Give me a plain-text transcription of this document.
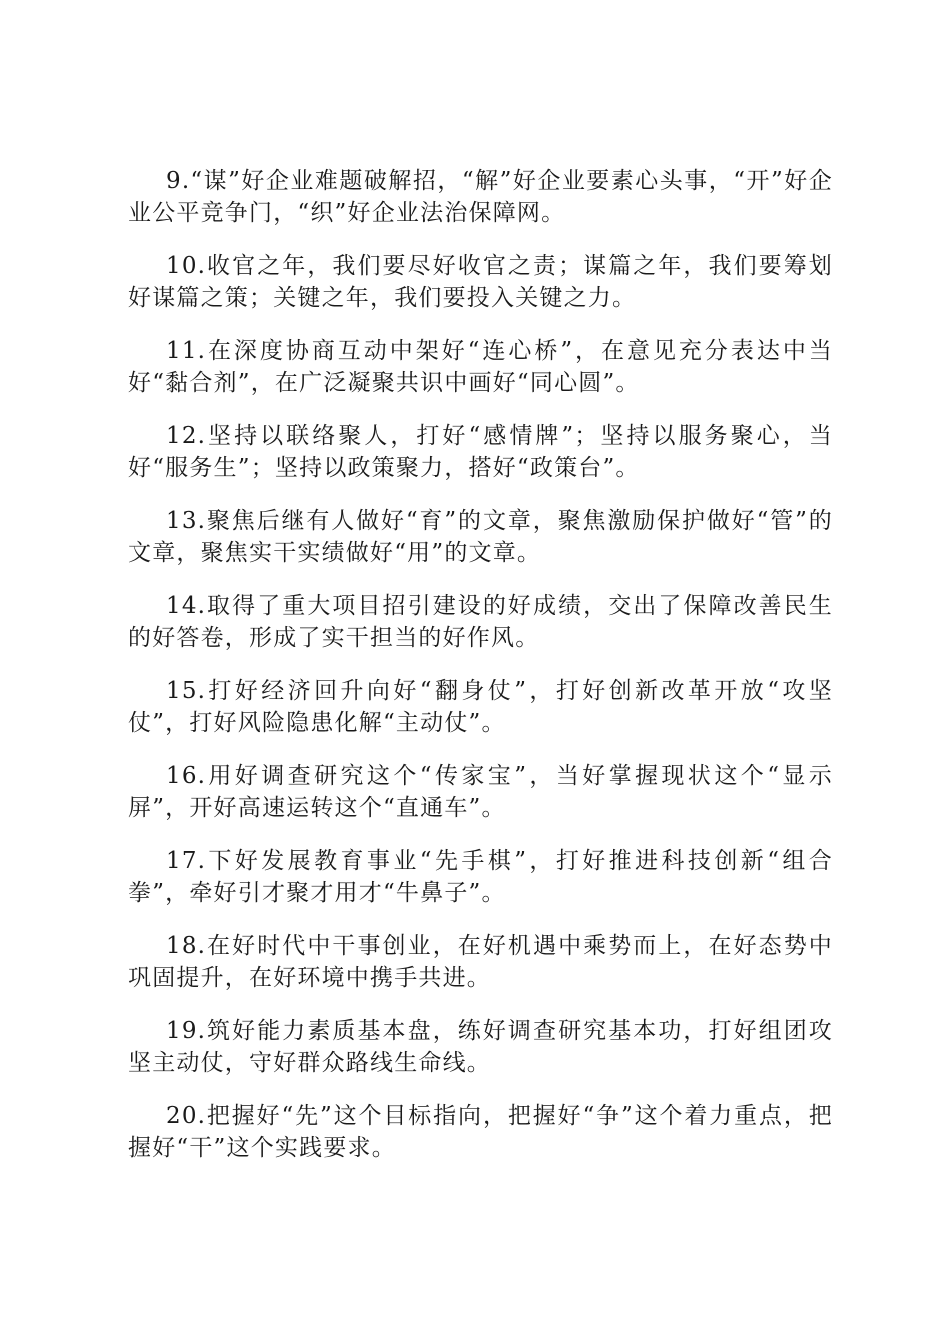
9.“谋”好企业难题破解招，“解”好企业要素心头事，“开”好企业公平竞争门，“织”好企业法治保障网。

10.收官之年，我们要尽好收官之责；谋篇之年，我们要筹划好谋篇之策；关键之年，我们要投入关键之力。

11.在深度协商互动中架好“连心桥”，在意见充分表达中当好“黏合剂”，在广泛凝聚共识中画好“同心圆”。

12.坚持以联络聚人，打好“感情牌”；坚持以服务聚心，当好“服务生”；坚持以政策聚力，搭好“政策台”。

13.聚焦后继有人做好“育”的文章，聚焦激励保护做好“管”的文章，聚焦实干实绩做好“用”的文章。

14.取得了重大项目招引建设的好成绩，交出了保障改善民生的好答卷，形成了实干担当的好作风。

15.打好经济回升向好“翻身仗”，打好创新改革开放“攻坚仗”，打好风险隐患化解“主动仗”。

16.用好调查研究这个“传家宝”，当好掌握现状这个“显示屏”，开好高速运转这个“直通车”。

17.下好发展教育事业“先手棋”，打好推进科技创新“组合拳”，牵好引才聚才用才“牛鼻子”。

18.在好时代中干事创业，在好机遇中乘势而上，在好态势中巩固提升，在好环境中携手共进。

19.筑好能力素质基本盘，练好调查研究基本功，打好组团攻坚主动仗，守好群众路线生命线。

20.把握好“先”这个目标指向，把握好“争”这个着力重点，把握好“干”这个实践要求。
